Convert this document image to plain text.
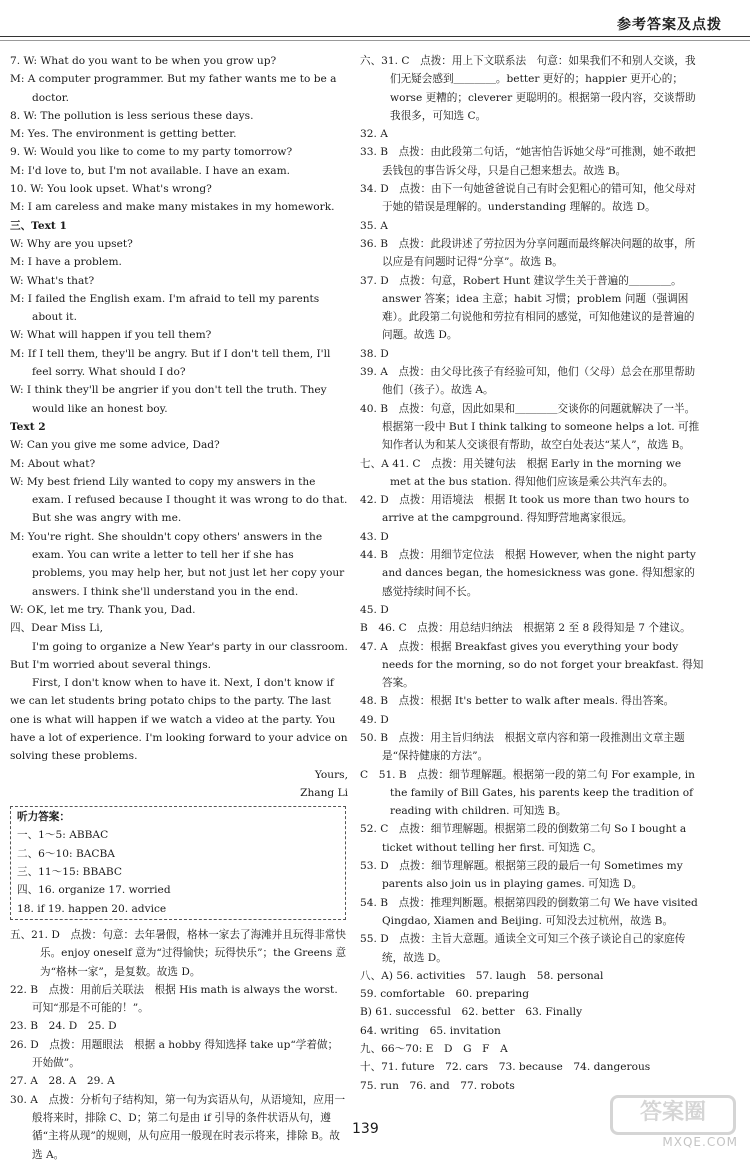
参考答案及点拨

7. W: What do you want to be when you grow up?

M: A computer programmer. But my father wants me to be a doctor.

8. W: The pollution is less serious these days.

M: Yes. The environment is getting better.

9. W: Would you like to come to my party tomorrow?

M: I'd love to, but I'm not available. I have an exam.

10. W: You look upset. What's wrong?

M: I am careless and make many mistakes in my homework.

三、Text 1

W: Why are you upset?

M: I have a problem.

W: What's that?

M: I failed the English exam. I'm afraid to tell my parents about it.

W: What will happen if you tell them?

M: If I tell them, they'll be angry. But if I don't tell them, I'll feel sorry. What should I do?

W: I think they'll be angrier if you don't tell the truth. They would like an honest boy.

Text 2

W: Can you give me some advice, Dad?

M: About what?

W: My best friend Lily wanted to copy my answers in the exam. I refused because I thought it was wrong to do that. But she was angry with me.

M: You're right. She shouldn't copy others' answers in the exam. You can write a letter to tell her if she has problems, you may help her, but not just let her copy your answers. I think she'll understand you in the end.

W: OK, let me try. Thank you, Dad.

四、Dear Miss Li,

I'm going to organize a New Year's party in our classroom. But I'm worried about several things.

First, I don't know when to have it. Next, I don't know if we can let students bring potato chips to the party. The last one is what will happen if we watch a video at the party. You have a lot of experience. I'm looking forward to your advice on solving these problems.

Yours,

Zhang Li

听力答案：

一、1～5: ABBAC

二、6～10: BACBA

三、11～15: BBABC

四、16. organize 17. worried

18. if 19. happen 20. advice

五、21. D　点拨：句意：去年暑假，格林一家去了海滩并且玩得非常快乐。enjoy oneself 意为“过得愉快；玩得快乐”；the Greens 意为“格林一家”，是复数。故选 D。

22. B　点拨：用前后关联法　根据 His math is always the worst. 可知“那是不可能的！”。

23. B　24. D　25. D

26. D　点拨：用题眼法　根据 a hobby 得知选择 take up“学着做；开始做”。

27. A　28. A　29. A

30. A　点拨：分析句子结构知，第一句为宾语从句，从语境知，应用一般将来时，排除 C、D；第二句是由 if 引导的条件状语从句，遵循“主将从现”的规则，从句应用一般现在时表示将来，排除 B。故选 A。

六、31. C　点拨：用上下文联系法　句意：如果我们不和别人交谈，我们无疑会感到＿＿＿＿。better 更好的；happier 更开心的；worse 更糟的；cleverer 更聪明的。根据第一段内容，交谈帮助我很多，可知选 C。

32. A

33. B　点拨：由此段第二句话，“她害怕告诉她父母”可推测，她不敢把丢钱包的事告诉父母，只是自己想来想去。故选 B。

34. D　点拨：由下一句她爸爸说自己有时会犯粗心的错可知，他父母对于她的错误是理解的。understanding 理解的。故选 D。

35. A

36. B　点拨：此段讲述了劳拉因为分享问题而最终解决问题的故事，所以应是有问题时记得“分享”。故选 B。

37. D　点拨：句意，Robert Hunt 建议学生关于普遍的＿＿＿＿。answer 答案；idea 主意；habit 习惯；problem 问题（强调困难）。此段第二句说他和劳拉有相同的感觉，可知他建议的是普遍的问题。故选 D。

38. D

39. A　点拨：由父母比孩子有经验可知，他们（父母）总会在那里帮助他们（孩子）。故选 A。

40. B　点拨：句意，因此如果和＿＿＿＿交谈你的问题就解决了一半。根据第一段中 But I think talking to someone helps a lot. 可推知作者认为和某人交谈很有帮助，故空白处表达“某人”，故选 B。

七、A 41. C　点拨：用关键句法　根据 Early in the morning we met at the bus station. 得知他们应该是乘公共汽车去的。

42. D　点拨：用语境法　根据 It took us more than two hours to arrive at the campground. 得知野营地离家很远。

43. D

44. B　点拨：用细节定位法　根据 However, when the night party and dances began, the homesickness was gone. 得知想家的感觉持续时间不长。

45. D

B　46. C　点拨：用总结归纳法　根据第 2 至 8 段得知是 7 个建议。

47. A　点拨：根据 Breakfast gives you everything your body needs for the morning, so do not forget your breakfast. 得知答案。

48. B　点拨：根据 It's better to walk after meals. 得出答案。

49. D

50. B　点拨：用主旨归纳法　根据文章内容和第一段推测出文章主题是“保持健康的方法”。

C　51. B　点拨：细节理解题。根据第一段的第二句 For example, in the family of Bill Gates, his parents keep the tradition of reading with children. 可知选 B。

52. C　点拨：细节理解题。根据第二段的倒数第二句 So I bought a ticket without telling her first. 可知选 C。

53. D　点拨：细节理解题。根据第三段的最后一句 Sometimes my parents also join us in playing games. 可知选 D。

54. B　点拨：推理判断题。根据第四段的倒数第二句 We have visited Qingdao, Xiamen and Beijing. 可知没去过杭州，故选 B。

55. D　点拨：主旨大意题。通读全文可知三个孩子谈论自己的家庭传统，故选 D。

八、A) 56. activities　57. laugh　58. personal

59. comfortable　60. preparing

B) 61. successful　62. better　63. Finally

64. writing　65. invitation

九、66～70: E　D　G　F　A

十、71. future　72. cars　73. because　74. dangerous

75. run　76. and　77. robots

139
答案圈
MXQE.COM
